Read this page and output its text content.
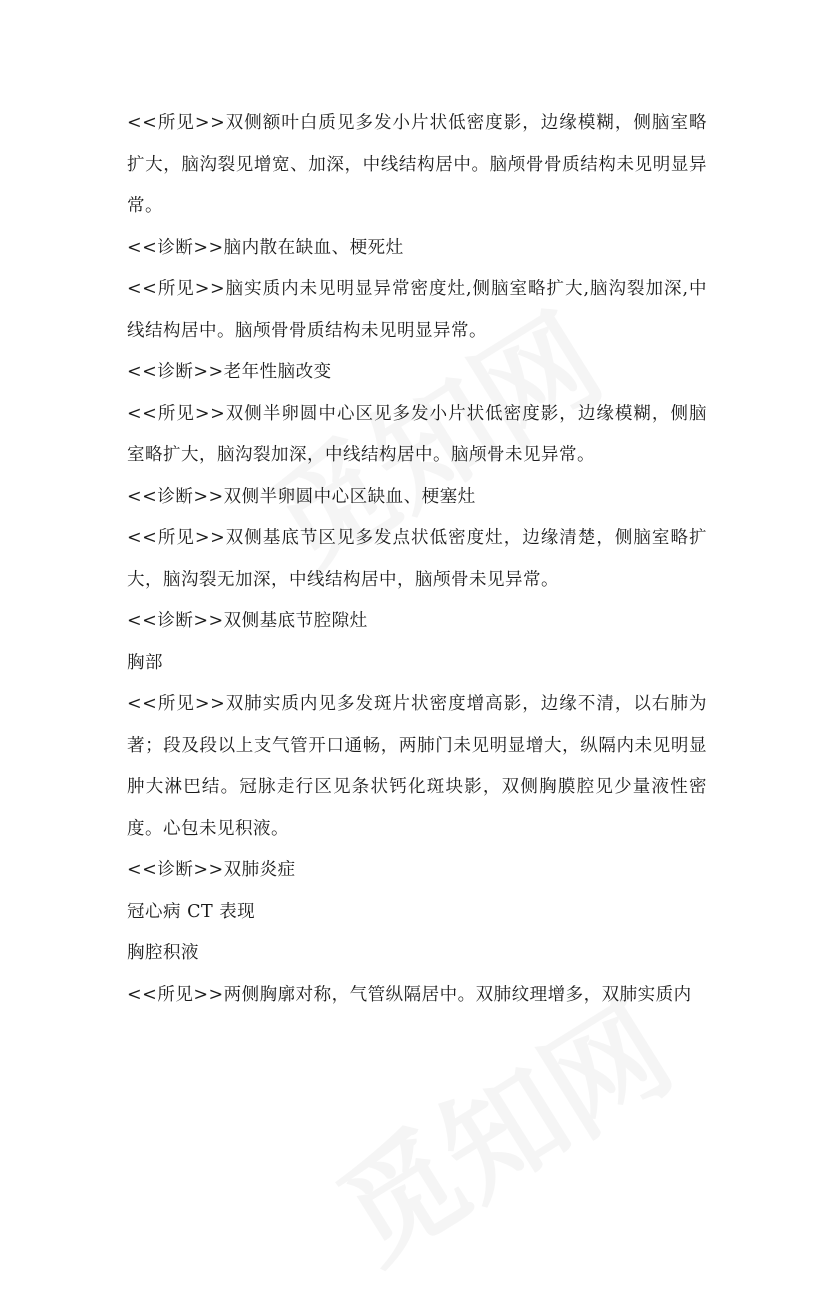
<<所见>>双侧额叶白质见多发小片状低密度影，边缘模糊，侧脑室略扩大，脑沟裂见增宽、加深，中线结构居中。脑颅骨骨质结构未见明显异常。

<<诊断>>脑内散在缺血、梗死灶

<<所见>>脑实质内未见明显异常密度灶,侧脑室略扩大,脑沟裂加深,中线结构居中。脑颅骨骨质结构未见明显异常。

<<诊断>>老年性脑改变

<<所见>>双侧半卵圆中心区见多发小片状低密度影，边缘模糊，侧脑室略扩大，脑沟裂加深，中线结构居中。脑颅骨未见异常。

<<诊断>>双侧半卵圆中心区缺血、梗塞灶

<<所见>>双侧基底节区见多发点状低密度灶，边缘清楚，侧脑室略扩大，脑沟裂无加深，中线结构居中，脑颅骨未见异常。

<<诊断>>双侧基底节腔隙灶

胸部

<<所见>>双肺实质内见多发斑片状密度增高影，边缘不清，以右肺为著；段及段以上支气管开口通畅，两肺门未见明显增大，纵隔内未见明显肿大淋巴结。冠脉走行区见条状钙化斑块影，双侧胸膜腔见少量液性密度。心包未见积液。

<<诊断>>双肺炎症

冠心病 CT 表现

胸腔积液

<<所见>>两侧胸廓对称，气管纵隔居中。双肺纹理增多，双肺实质内
